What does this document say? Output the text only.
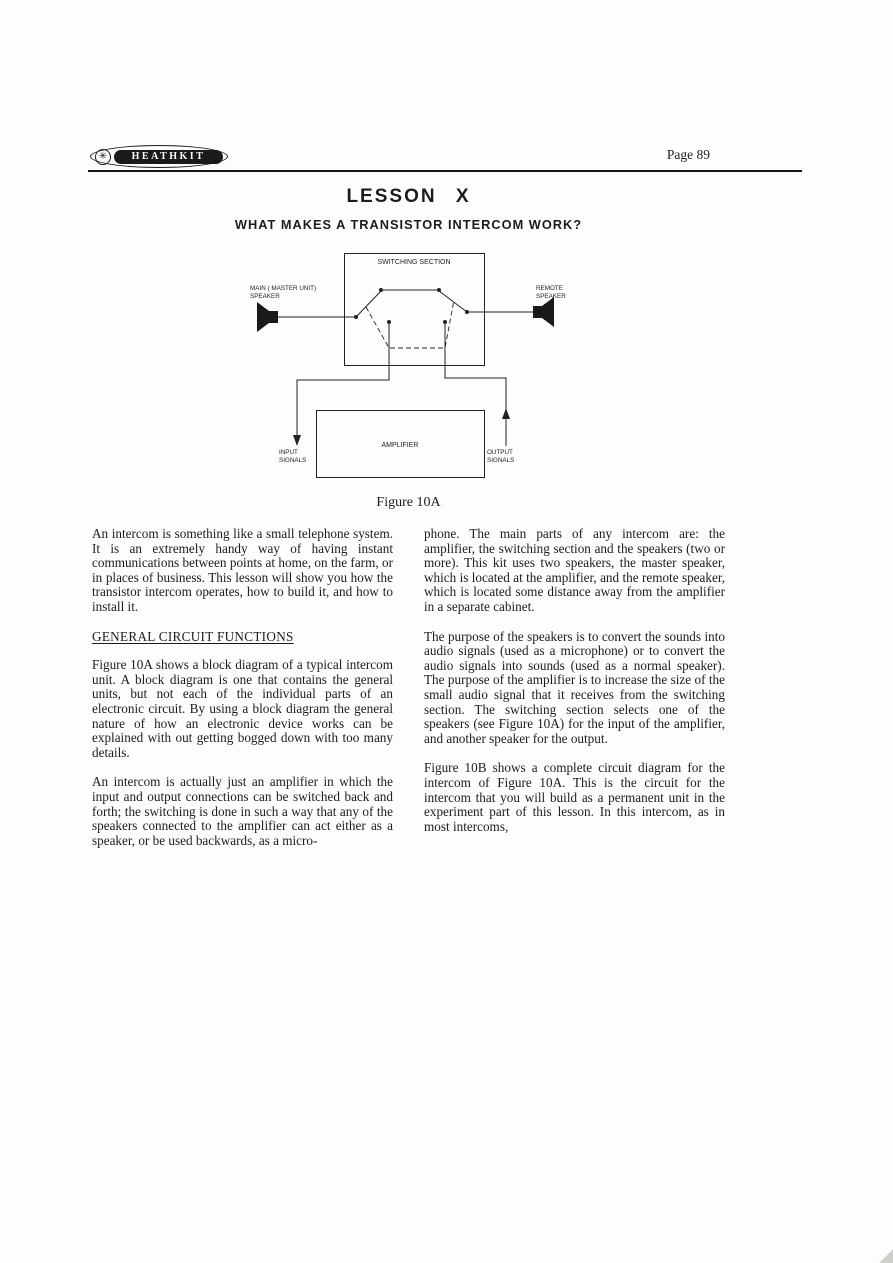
✳	HEATHKIT	Page 89
LESSON X
WHAT MAKES A TRANSISTOR INTERCOM WORK?
SWITCHING SECTION
MAIN ( MASTER UNIT)
SPEAKER
REMOTE
SPEAKER
AMPLIFIER
INPUT
SIGNALS
OUTPUT
SIGNALS
Figure 10A

An intercom is something like a small telephone system. It is an extremely handy way of having instant communications between points at home, on the farm, or in places of business. This lesson will show you how the transistor intercom operates, how to build it, and how to install it.

GENERAL CIRCUIT FUNCTIONS

Figure 10A shows a block diagram of a typical intercom unit. A block diagram is one that contains the general units, but not each of the individual parts of an electronic circuit. By using a block diagram the general nature of how an electronic device works can be explained with out getting bogged down with too many details.

An intercom is actually just an amplifier in which the input and output connections can be switched back and forth; the switching is done in such a way that any of the speakers connected to the amplifier can act either as a speaker, or be used backwards, as a micro-

phone. The main parts of any intercom are: the amplifier, the switching section and the speakers (two or more). This kit uses two speakers, the master speaker, which is located at the amplifier, and the remote speaker, which is located some distance away from the amplifier in a separate cabinet.

The purpose of the speakers is to convert the sounds into audio signals (used as a microphone) or to convert the audio signals into sounds (used as a normal speaker). The purpose of the amplifier is to increase the size of the small audio signal that it receives from the switching section. The switching section selects one of the speakers (see Figure 10A) for the input of the amplifier, and another speaker for the output.

Figure 10B shows a complete circuit diagram for the intercom of Figure 10A. This is the circuit for the intercom that you will build as a permanent unit in the experiment part of this lesson. In this intercom, as in most intercoms,
